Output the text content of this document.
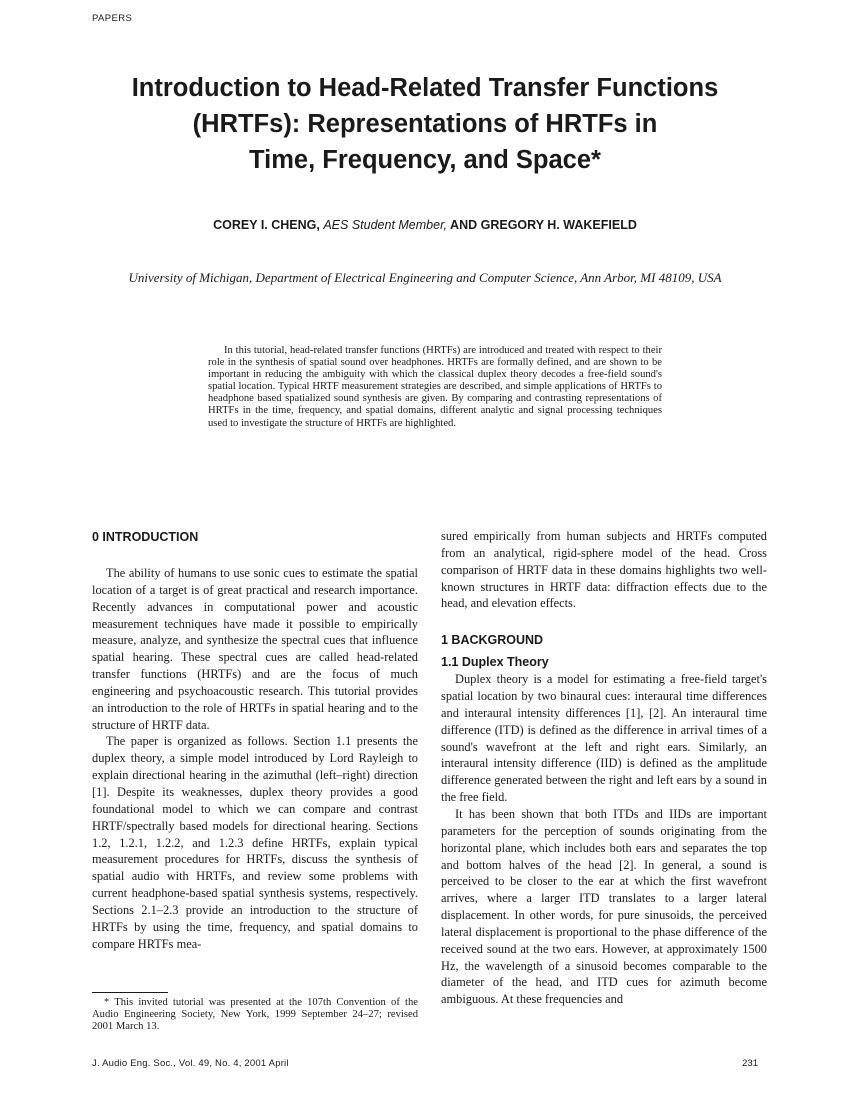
PAPERS
Introduction to Head-Related Transfer Functions
(HRTFs): Representations of HRTFs in
Time, Frequency, and Space*
COREY I. CHENG, AES Student Member, AND GREGORY H. WAKEFIELD
University of Michigan, Department of Electrical Engineering and Computer Science, Ann Arbor, MI 48109, USA

In this tutorial, head-related transfer functions (HRTFs) are introduced and treated with respect to their role in the synthesis of spatial sound over headphones. HRTFs are formally defined, and are shown to be important in reducing the ambiguity with which the classical duplex theory decodes a free-field sound's spatial location. Typical HRTF measurement strategies are described, and simple applications of HRTFs to headphone based spatialized sound synthesis are given. By comparing and contrasting representations of HRTFs in the time, frequency, and spatial domains, different analytic and signal processing techniques used to investigate the structure of HRTFs are highlighted.

0 INTRODUCTION

The ability of humans to use sonic cues to estimate the spatial location of a target is of great practical and research importance. Recently advances in computational power and acoustic measurement techniques have made it possible to empirically measure, analyze, and synthesize the spectral cues that influence spatial hearing. These spectral cues are called head-related transfer functions (HRTFs) and are the focus of much engineering and psychoacoustic research. This tutorial provides an introduction to the role of HRTFs in spatial hearing and to the structure of HRTF data.

The paper is organized as follows. Section 1.1 presents the duplex theory, a simple model introduced by Lord Rayleigh to explain directional hearing in the azimuthal (left–right) direction [1]. Despite its weaknesses, duplex theory provides a good foundational model to which we can compare and contrast HRTF/spectrally based models for directional hearing. Sections 1.2, 1.2.1, 1.2.2, and 1.2.3 define HRTFs, explain typical measurement procedures for HRTFs, discuss the synthesis of spatial audio with HRTFs, and review some problems with current headphone-based spatial synthesis systems, respectively. Sections 2.1–2.3 provide an introduction to the structure of HRTFs by using the time, frequency, and spatial domains to compare HRTFs mea-

sured empirically from human subjects and HRTFs computed from an analytical, rigid-sphere model of the head. Cross comparison of HRTF data in these domains highlights two well-known structures in HRTF data: diffraction effects due to the head, and elevation effects.

1 BACKGROUND
1.1 Duplex Theory

Duplex theory is a model for estimating a free-field target's spatial location by two binaural cues: interaural time differences and interaural intensity differences [1], [2]. An interaural time difference (ITD) is defined as the difference in arrival times of a sound's wavefront at the left and right ears. Similarly, an interaural intensity difference (IID) is defined as the amplitude difference generated between the right and left ears by a sound in the free field.

It has been shown that both ITDs and IIDs are important parameters for the perception of sounds originating from the horizontal plane, which includes both ears and separates the top and bottom halves of the head [2]. In general, a sound is perceived to be closer to the ear at which the first wavefront arrives, where a larger ITD translates to a larger lateral displacement. In other words, for pure sinusoids, the perceived lateral displacement is proportional to the phase difference of the received sound at the two ears. However, at approximately 1500 Hz, the wavelength of a sinusoid becomes comparable to the diameter of the head, and ITD cues for azimuth become ambiguous. At these frequencies and

* This invited tutorial was presented at the 107th Convention of the Audio Engineering Society, New York, 1999 September 24–27; revised 2001 March 13.

J. Audio Eng. Soc., Vol. 49, No. 4, 2001 April	231
